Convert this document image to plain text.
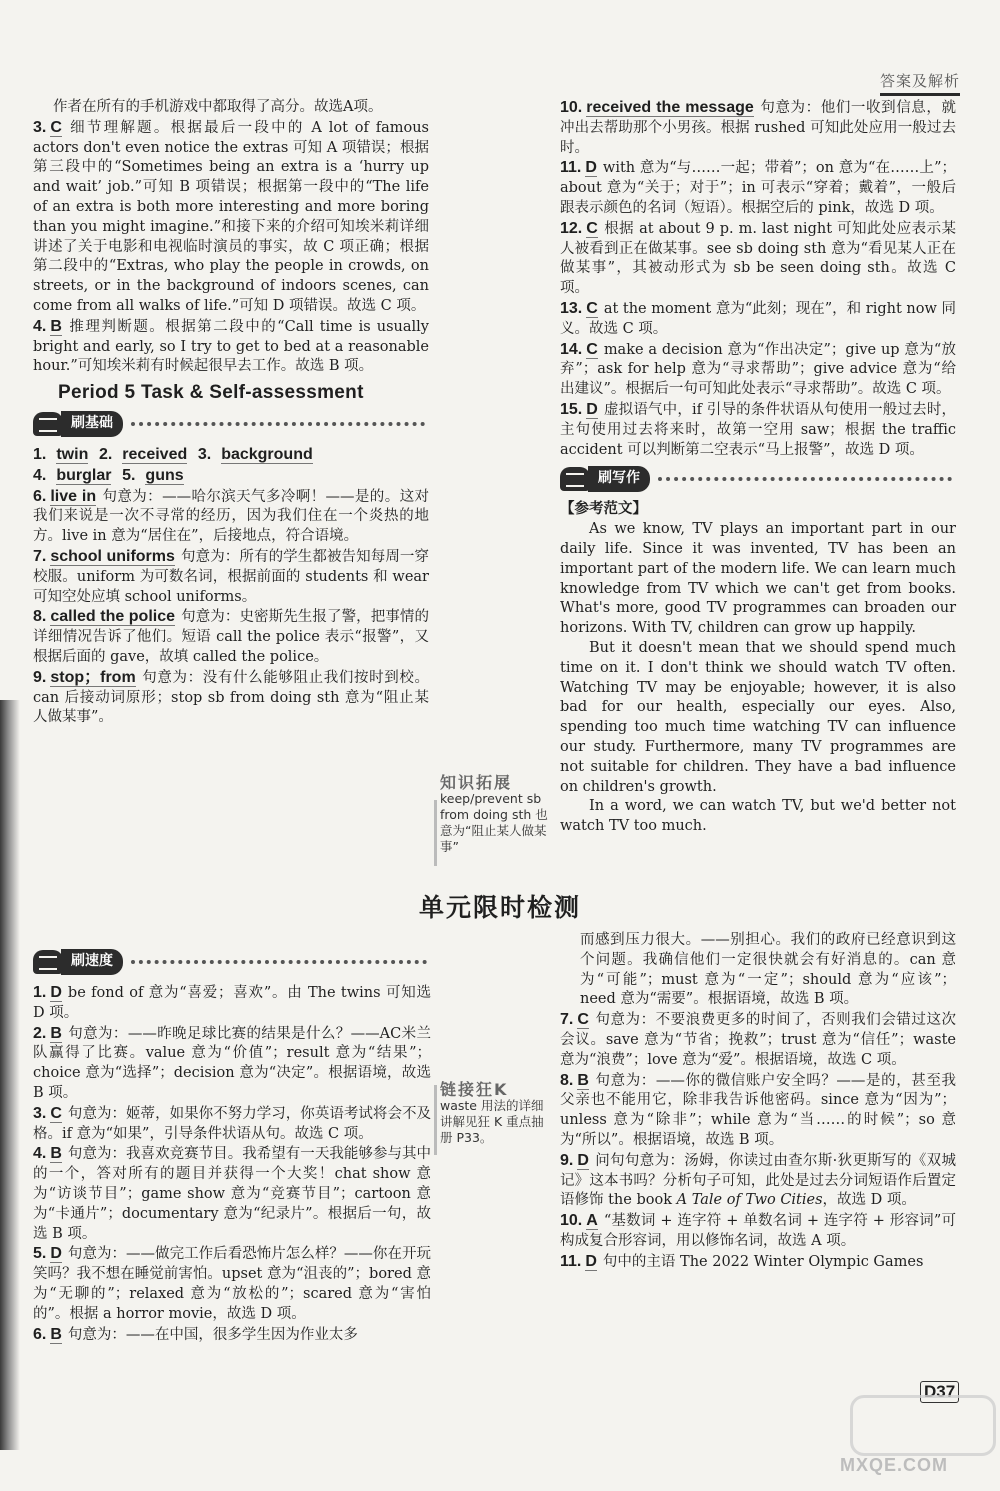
答案及解析

作者在所有的手机游戏中都取得了高分。故选A项。

3. C 细节理解题。根据最后一段中的 A lot of famous actors don't even notice the extras 可知 A 项错误；根据第三段中的“Sometimes being an extra is a ‘hurry up and wait’ job.”可知 B 项错误；根据第一段中的“The life of an extra is both more interesting and more boring than you might imagine.”和接下来的介绍可知埃米莉详细讲述了关于电影和电视临时演员的事实，故 C 项正确；根据第二段中的“Extras, who play the people in crowds, on streets, or in the background of indoors scenes, can come from all walks of life.”可知 D 项错误。故选 C 项。

4. B 推理判断题。根据第二段中的“Call time is usually bright and early, so I try to get to bed at a reasonable hour.”可知埃米莉有时候起很早去工作。故选 B 项。

Period 5 Task & Self-assessment
刷基础

1. twin 2. received 3. background

4. burglar 5. guns

6. live in 句意为：——哈尔滨天气多冷啊！——是的。这对我们来说是一次不寻常的经历，因为我们住在一个炎热的地方。live in 意为“居住在”，后接地点，符合语境。

7. school uniforms 句意为：所有的学生都被告知每周一穿校服。uniform 为可数名词，根据前面的 students 和 wear 可知空处应填 school uniforms。

8. called the police 句意为：史密斯先生报了警，把事情的详细情况告诉了他们。短语 call the police 表示“报警”，又根据后面的 gave，故填 called the police。

9. stop；from 句意为：没有什么能够阻止我们按时到校。can 后接动词原形；stop sb from doing sth 意为“阻止某人做某事”。

知识拓展
keep/prevent sb from doing sth 也意为“阻止某人做某事”

10. received the message 句意为：他们一收到信息，就冲出去帮助那个小男孩。根据 rushed 可知此处应用一般过去时。

11. D with 意为“与……一起；带着”；on 意为“在……上”；about 意为“关于；对于”；in 可表示“穿着；戴着”，一般后跟表示颜色的名词（短语）。根据空后的 pink，故选 D 项。

12. C 根据 at about 9 p. m. last night 可知此处应表示某人被看到正在做某事。see sb doing sth 意为“看见某人正在做某事”，其被动形式为 sb be seen doing sth。故选 C 项。

13. C at the moment 意为“此刻；现在”，和 right now 同义。故选 C 项。

14. C make a decision 意为“作出决定”；give up 意为“放弃”；ask for help 意为“寻求帮助”；give advice 意为“给出建议”。根据后一句可知此处表示“寻求帮助”。故选 C 项。

15. D 虚拟语气中，if 引导的条件状语从句使用一般过去时，主句使用过去将来时，故第一空用 saw；根据 the traffic accident 可以判断第二空表示“马上报警”，故选 D 项。

刷写作
【参考范文】

As we know, TV plays an important part in our daily life. Since it was invented, TV has been an important part of the modern life. We can learn much knowledge from TV which we can't get from books. What's more, good TV programmes can broaden our horizons. With TV, children can grow up happily.

But it doesn't mean that we should spend much time on it. I don't think we should watch TV often. Watching TV may be enjoyable; however, it is also bad for our health, especially our eyes. Also, spending too much time watching TV can influence our study. Furthermore, many TV programmes are not suitable for children. They have a bad influence on children's growth.

In a word, we can watch TV, but we'd better not watch TV too much.

单元限时检测
刷速度

1. D be fond of 意为“喜爱；喜欢”。由 The twins 可知选 D 项。

2. B 句意为：——昨晚足球比赛的结果是什么？——AC米兰队赢得了比赛。value 意为“价值”；result 意为“结果”；choice 意为“选择”；decision 意为“决定”。根据语境，故选 B 项。

3. C 句意为：姬蒂，如果你不努力学习，你英语考试将会不及格。if 意为“如果”，引导条件状语从句。故选 C 项。

4. B 句意为：我喜欢竞赛节目。我希望有一天我能够参与其中的一个，答对所有的题目并获得一个大奖！chat show 意为“访谈节目”；game show 意为“竞赛节目”；cartoon 意为“卡通片”；documentary 意为“纪录片”。根据后一句，故选 B 项。

5. D 句意为：——做完工作后看恐怖片怎么样？——你在开玩笑吗？我不想在睡觉前害怕。upset 意为“沮丧的”；bored 意为“无聊的”；relaxed 意为“放松的”；scared 意为“害怕的”。根据 a horror movie，故选 D 项。

6. B 句意为：——在中国，很多学生因为作业太多

链接狂K
waste 用法的详细讲解见狂 K 重点抽册 P33。

而感到压力很大。——别担心。我们的政府已经意识到这个问题。我确信他们一定很快就会有好消息的。can 意为“可能”；must 意为“一定”；should 意为“应该”；need 意为“需要”。根据语境，故选 B 项。

7. C 句意为：不要浪费更多的时间了，否则我们会错过这次会议。save 意为“节省；挽救”；trust 意为“信任”；waste 意为“浪费”；love 意为“爱”。根据语境，故选 C 项。

8. B 句意为：——你的微信账户安全吗？——是的，甚至我父亲也不能用它，除非我告诉他密码。since 意为“因为”；unless 意为“除非”；while 意为“当……的时候”；so 意为“所以”。根据语境，故选 B 项。

9. D 问句句意为：汤姆，你读过由查尔斯·狄更斯写的《双城记》这本书吗？分析句子可知，此处是过去分词短语作后置定语修饰 the book A Tale of Two Cities，故选 D 项。

10. A “基数词 + 连字符 + 单数名词 + 连字符 + 形容词”可构成复合形容词，用以修饰名词，故选 A 项。

11. D 句中的主语 The 2022 Winter Olympic Games

D37
MXQE.COM
